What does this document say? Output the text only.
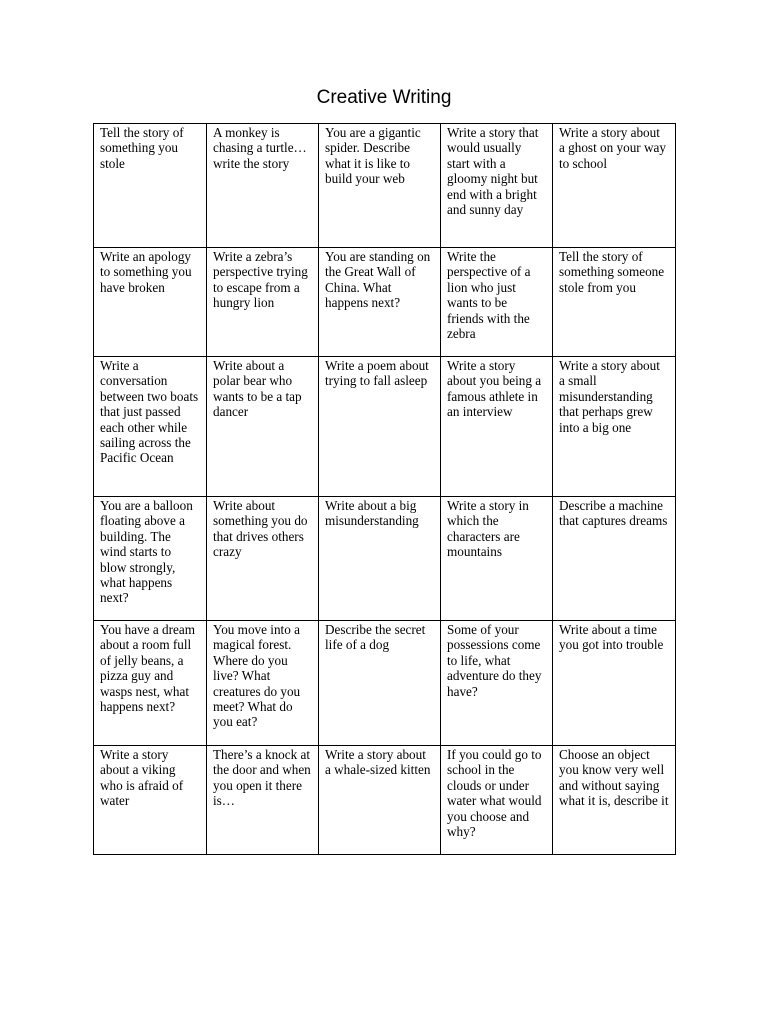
Creative Writing
Tell the story of something you stole	A monkey is chasing a turtle… write the story	You are a gigantic spider. Describe what it is like to build your web	Write a story that would usually start with a gloomy night but end with a bright and sunny day	Write a story about a ghost on your way to school
Write an apology to something you have broken	Write a zebra’s perspective trying to escape from a hungry lion	You are standing on the Great Wall of China. What happens next?	Write the perspective of a lion who just wants to be friends with the zebra	Tell the story of something someone stole from you
Write a conversation between two boats that just passed each other while sailing across the Pacific Ocean	Write about a polar bear who wants to be a tap dancer	Write a poem about trying to fall asleep	Write a story about you being a famous athlete in an interview	Write a story about a small misunderstanding that perhaps grew into a big one
You are a balloon floating above a building. The wind starts to blow strongly, what happens next?	Write about something you do that drives others crazy	Write about a big misunderstanding	Write a story in which the characters are mountains	Describe a machine that captures dreams
You have a dream about a room full of jelly beans, a pizza guy and wasps nest, what happens next?	You move into a magical forest. Where do you live? What creatures do you meet? What do you eat?	Describe the secret life of a dog	Some of your possessions come to life, what adventure do they have?	Write about a time you got into trouble
Write a story about a viking who is afraid of water	There’s a knock at the door and when you open it there is…	Write a story about a whale-sized kitten	If you could go to school in the clouds or under water what would you choose and why?	Choose an object you know very well and without saying what it is, describe it
